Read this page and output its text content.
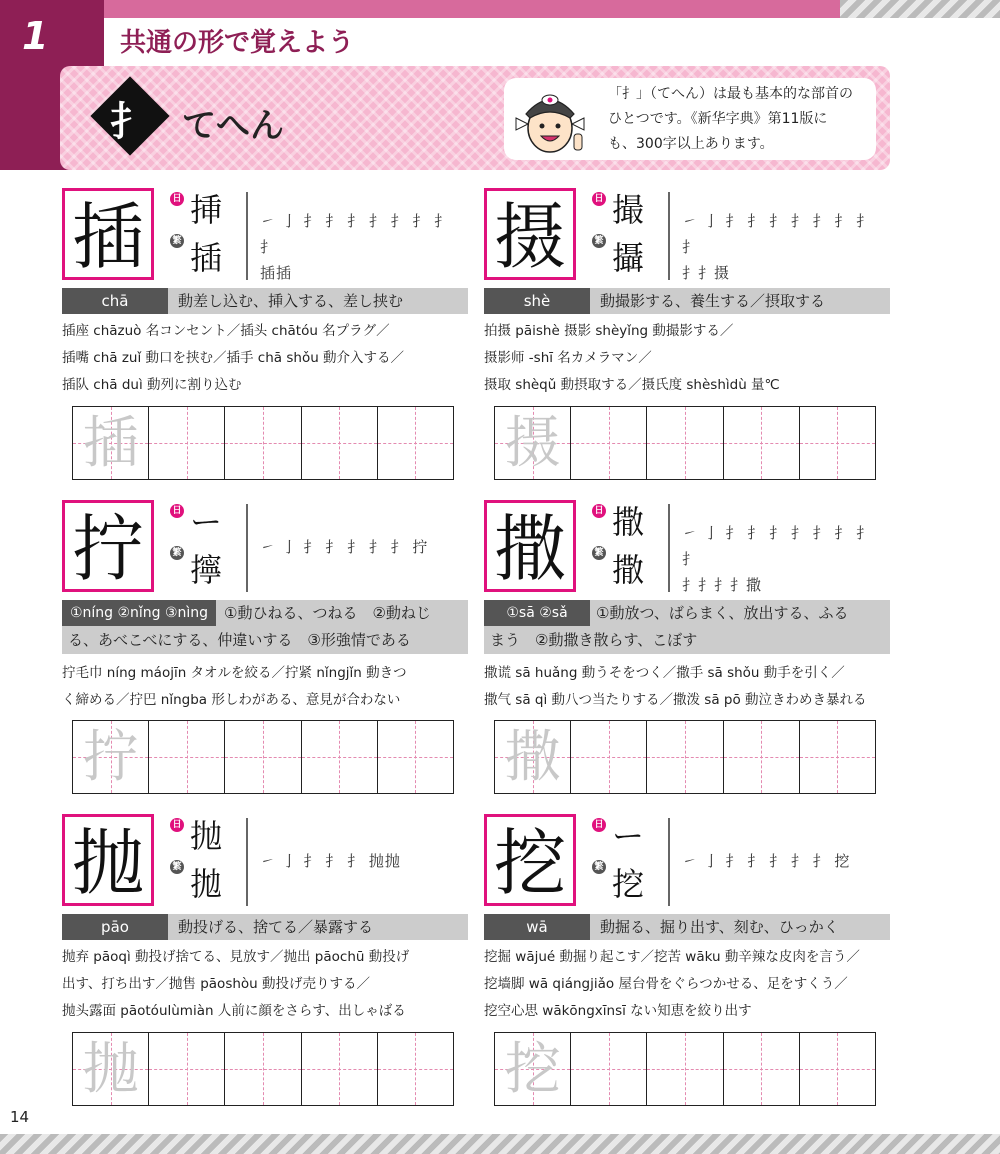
1	共通の形で覚えよう
扌 てへん
「扌」（てへん）は最も基本的な部首の
ひとつです。《新华字典》第11版に
も、300字以上あります。
插	日
繁
挿
插
㇀ 亅 扌 扌 扌 扌 扌 扌 扌 扌
插插
chā	動差し込む、挿入する、差し挟む
插座 chāzuò 名コンセント／插头 chātóu 名プラグ／
插嘴 chā zuǐ 動口を挟む／插手 chā shǒu 動介入する／
插队 chā duì 動列に割り込む
插
摄	日
繁
撮
攝
㇀ 亅 扌 扌 扌 扌 扌 扌 扌 扌
扌扌摄
shè	動撮影する、養生する／摂取する
拍摄 pāishè 摄影 shèyǐng 動撮影する／
摄影师 -shī 名カメラマン／
摄取 shèqǔ 動摂取する／摄氏度 shèshìdù 量℃
摄
拧	日
繁
ー
擰
㇀ 亅 扌 扌 扌 扌 扌 拧
①níng ②nǐng ③nìng	①動ひねる、つねる　②動ねじ
る、あべこべにする、仲違いする　③形強情である
拧毛巾 níng máojīn タオルを絞る／拧紧 nǐngjǐn 動きつ
く締める／拧巴 nǐngba 形しわがある、意見が合わない
拧
撒	日
繁
撒
撒
㇀ 亅 扌 扌 扌 扌 扌 扌 扌 扌
扌扌扌扌撒
①sā ②sǎ	①動放つ、ばらまく、放出する、ふる
まう　②動撒き散らす、こぼす
撒谎 sā huǎng 動うそをつく／撒手 sā shǒu 動手を引く／
撒气 sā qì 動八つ当たりする／撒泼 sā pō 動泣きわめき暴れる
撒
抛	日
繁
抛
拋
㇀ 亅 扌 扌 扌 抛抛
pāo	動投げる、捨てる／暴露する
抛弃 pāoqì 動投げ捨てる、見放す／抛出 pāochū 動投げ
出す、打ち出す／抛售 pāoshòu 動投げ売りする／
抛头露面 pāotóulùmiàn 人前に顔をさらす、出しゃばる
抛
挖	日
繁
ー
挖
㇀ 亅 扌 扌 扌 扌 扌 挖
wā	動掘る、掘り出す、刻む、ひっかく
挖掘 wājué 動掘り起こす／挖苦 wāku 動辛辣な皮肉を言う／
挖墙脚 wā qiángjiǎo 屋台骨をぐらつかせる、足をすくう／
挖空心思 wākōngxīnsī ない知恵を絞り出す
挖
14
